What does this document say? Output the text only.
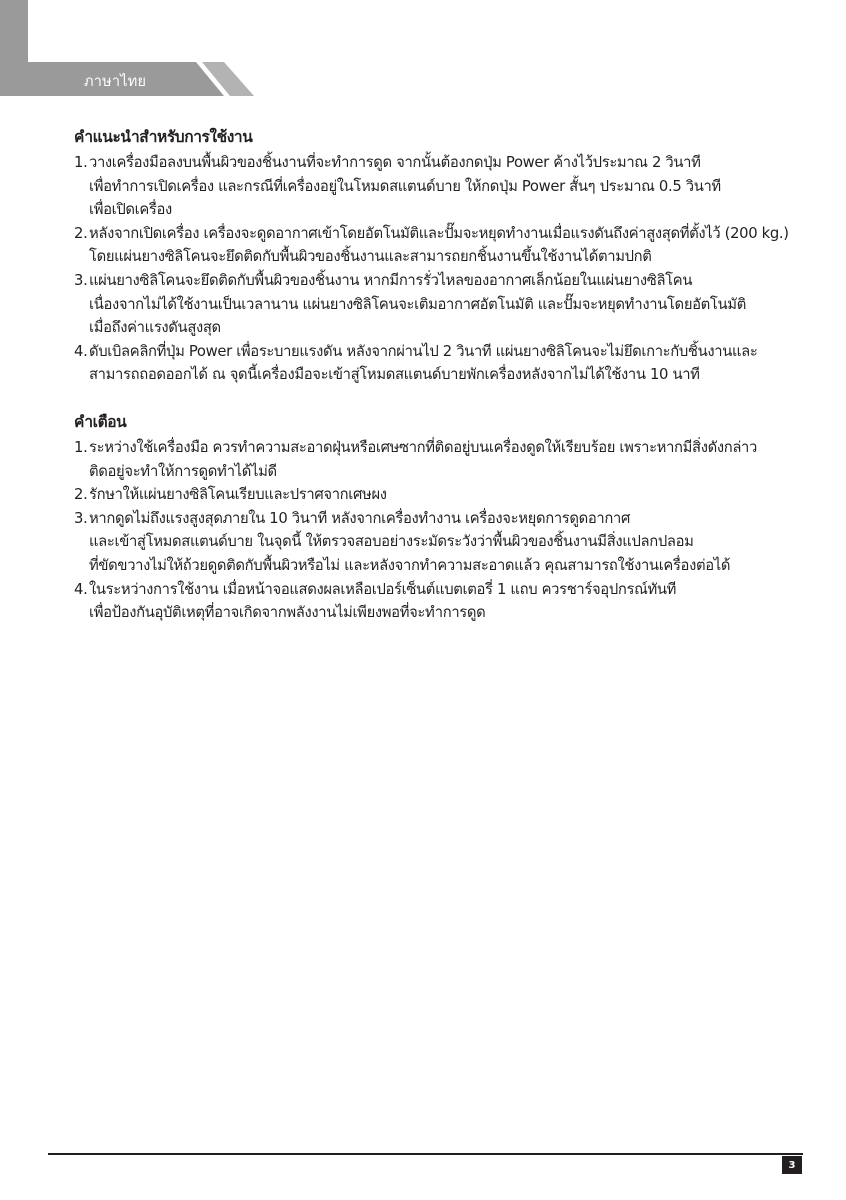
ภาษาไทย
คำแนะนำสำหรับการใช้งาน
1. วางเครื่องมือลงบนพื้นผิวของชิ้นงานที่จะทำการดูด จากนั้นต้องกดปุ่ม Power ค้างไว้ประมาณ 2 วินาที
เพื่อทำการเปิดเครื่อง และกรณีที่เครื่องอยู่ในโหมดสแตนด์บาย ให้กดปุ่ม Power สั้นๆ ประมาณ 0.5 วินาที
เพื่อเปิดเครื่อง
2. หลังจากเปิดเครื่อง เครื่องจะดูดอากาศเข้าโดยอัตโนมัติและปั๊มจะหยุดทำงานเมื่อแรงดันถึงค่าสูงสุดที่ตั้งไว้ (200 kg.)
โดยแผ่นยางซิลิโคนจะยึดติดกับพื้นผิวของชิ้นงานและสามารถยกชิ้นงานขึ้นใช้งานได้ตามปกติ
3. แผ่นยางซิลิโคนจะยึดติดกับพื้นผิวของชิ้นงาน หากมีการรั่วไหลของอากาศเล็กน้อยในแผ่นยางซิลิโคน
เนื่องจากไม่ได้ใช้งานเป็นเวลานาน แผ่นยางซิลิโคนจะเติมอากาศอัตโนมัติ และปั๊มจะหยุดทำงานโดยอัตโนมัติ
เมื่อถึงค่าแรงดันสูงสุด
4. ดับเบิลคลิกที่ปุ่ม Power เพื่อระบายแรงดัน หลังจากผ่านไป 2 วินาที แผ่นยางซิลิโคนจะไม่ยึดเกาะกับชิ้นงานและ
สามารถถอดออกได้ ณ จุดนี้เครื่องมือจะเข้าสู่โหมดสแตนด์บายพักเครื่องหลังจากไม่ได้ใช้งาน 10 นาที
คำเตือน
1. ระหว่างใช้เครื่องมือ ควรทำความสะอาดฝุ่นหรือเศษซากที่ติดอยู่บนเครื่องดูดให้เรียบร้อย เพราะหากมีสิ่งดังกล่าว
ติดอยู่จะทำให้การดูดทำได้ไม่ดี
2. รักษาให้แผ่นยางซิลิโคนเรียบและปราศจากเศษผง
3. หากดูดไม่ถึงแรงสูงสุดภายใน 10 วินาที หลังจากเครื่องทำงาน เครื่องจะหยุดการดูดอากาศ
และเข้าสู่โหมดสแตนด์บาย ในจุดนี้ ให้ตรวจสอบอย่างระมัดระวังว่าพื้นผิวของชิ้นงานมีสิ่งแปลกปลอม
ที่ขัดขวางไม่ให้ถ้วยดูดติดกับพื้นผิวหรือไม่ และหลังจากทำความสะอาดแล้ว คุณสามารถใช้งานเครื่องต่อได้
4. ในระหว่างการใช้งาน เมื่อหน้าจอแสดงผลเหลือเปอร์เซ็นต์แบตเตอรี่ 1 แถบ ควรชาร์จอุปกรณ์ทันที
เพื่อป้องกันอุบัติเหตุที่อาจเกิดจากพลังงานไม่เพียงพอที่จะทำการดูด
3
